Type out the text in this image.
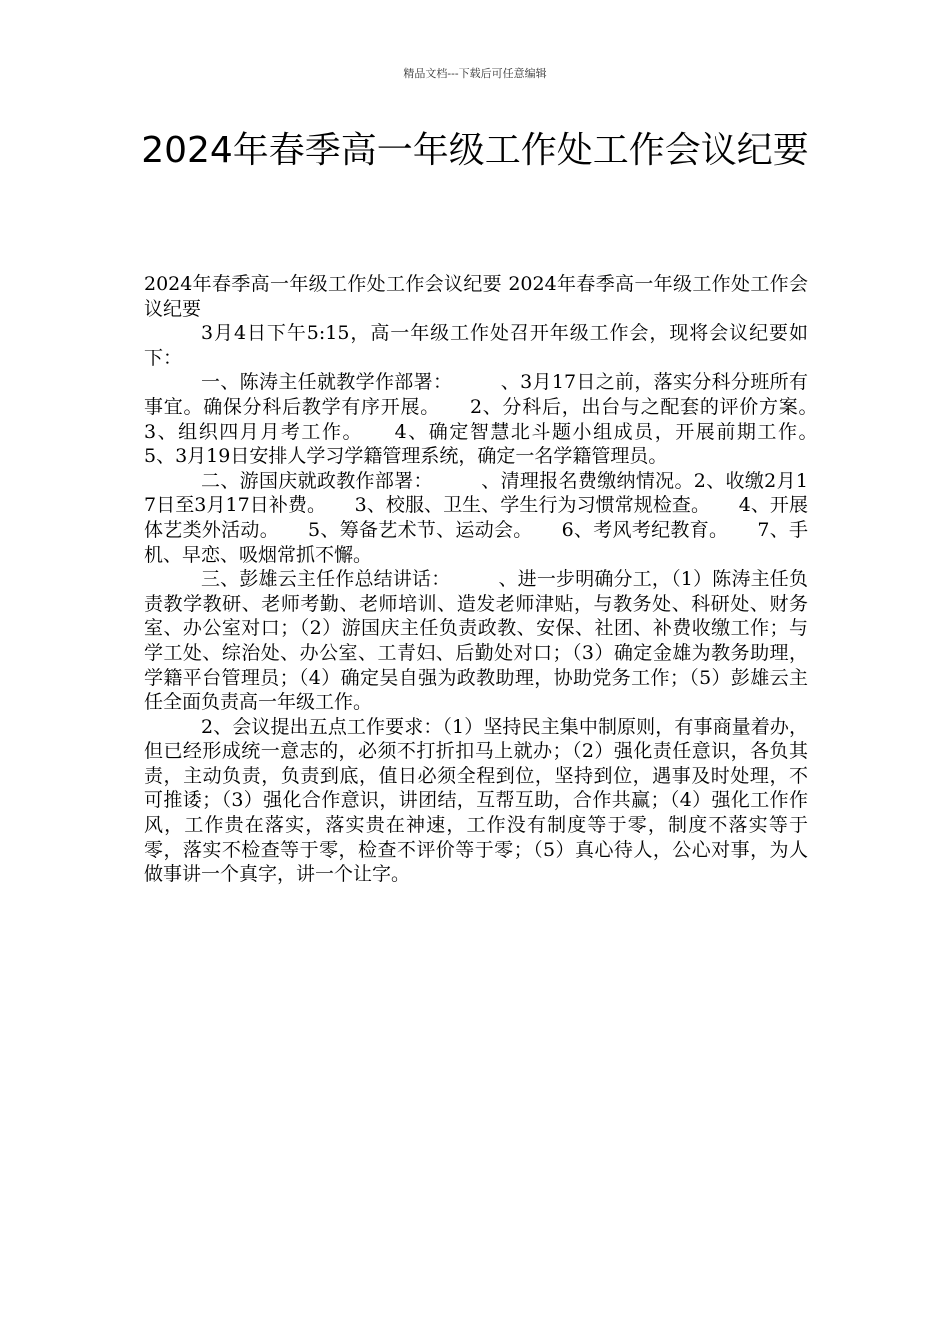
精品文档---下载后可任意编辑
2024年春季高一年级工作处工作会议纪要

2024年春季高一年级工作处工作会议纪要 2024年春季高一年级工作处工作会议纪要

3月4日下午5:15，高一年级工作处召开年级工作会，现将会议纪要如下：

一、陈涛主任就教学作部署：　　　、3月17日之前，落实分科分班所有事宜。确保分科后教学有序开展。　　2、分科后，出台与之配套的评价方案。　　3、组织四月月考工作。　　4、确定智慧北斗题小组成员，开展前期工作。　　5、3月19日安排人学习学籍管理系统，确定一名学籍管理员。

二、游国庆就政教作部署：　　　、清理报名费缴纳情况。2、收缴2月17日至3月17日补费。　　3、校服、卫生、学生行为习惯常规检查。　　4、开展体艺类外活动。　　5、筹备艺术节、运动会。　　6、考风考纪教育。　　7、手机、早恋、吸烟常抓不懈。

三、彭雄云主任作总结讲话：　　　、进一步明确分工，（1）陈涛主任负责教学教研、老师考勤、老师培训、造发老师津贴，与教务处、科研处、财务室、办公室对口；（2）游国庆主任负责政教、安保、社团、补费收缴工作；与学工处、综治处、办公室、工青妇、后勤处对口；（3）确定金雄为教务助理，学籍平台管理员；（4）确定吴自强为政教助理，协助党务工作；（5）彭雄云主任全面负责高一年级工作。

2、会议提出五点工作要求：（1）坚持民主集中制原则，有事商量着办，但已经形成统一意志的，必须不打折扣马上就办；（2）强化责任意识，各负其责，主动负责，负责到底，值日必须全程到位，坚持到位，遇事及时处理，不可推诿；（3）强化合作意识，讲团结，互帮互助，合作共赢；（4）强化工作作风，工作贵在落实，落实贵在神速，工作没有制度等于零，制度不落实等于零，落实不检查等于零，检查不评价等于零；（5）真心待人，公心对事，为人做事讲一个真字，讲一个让字。
